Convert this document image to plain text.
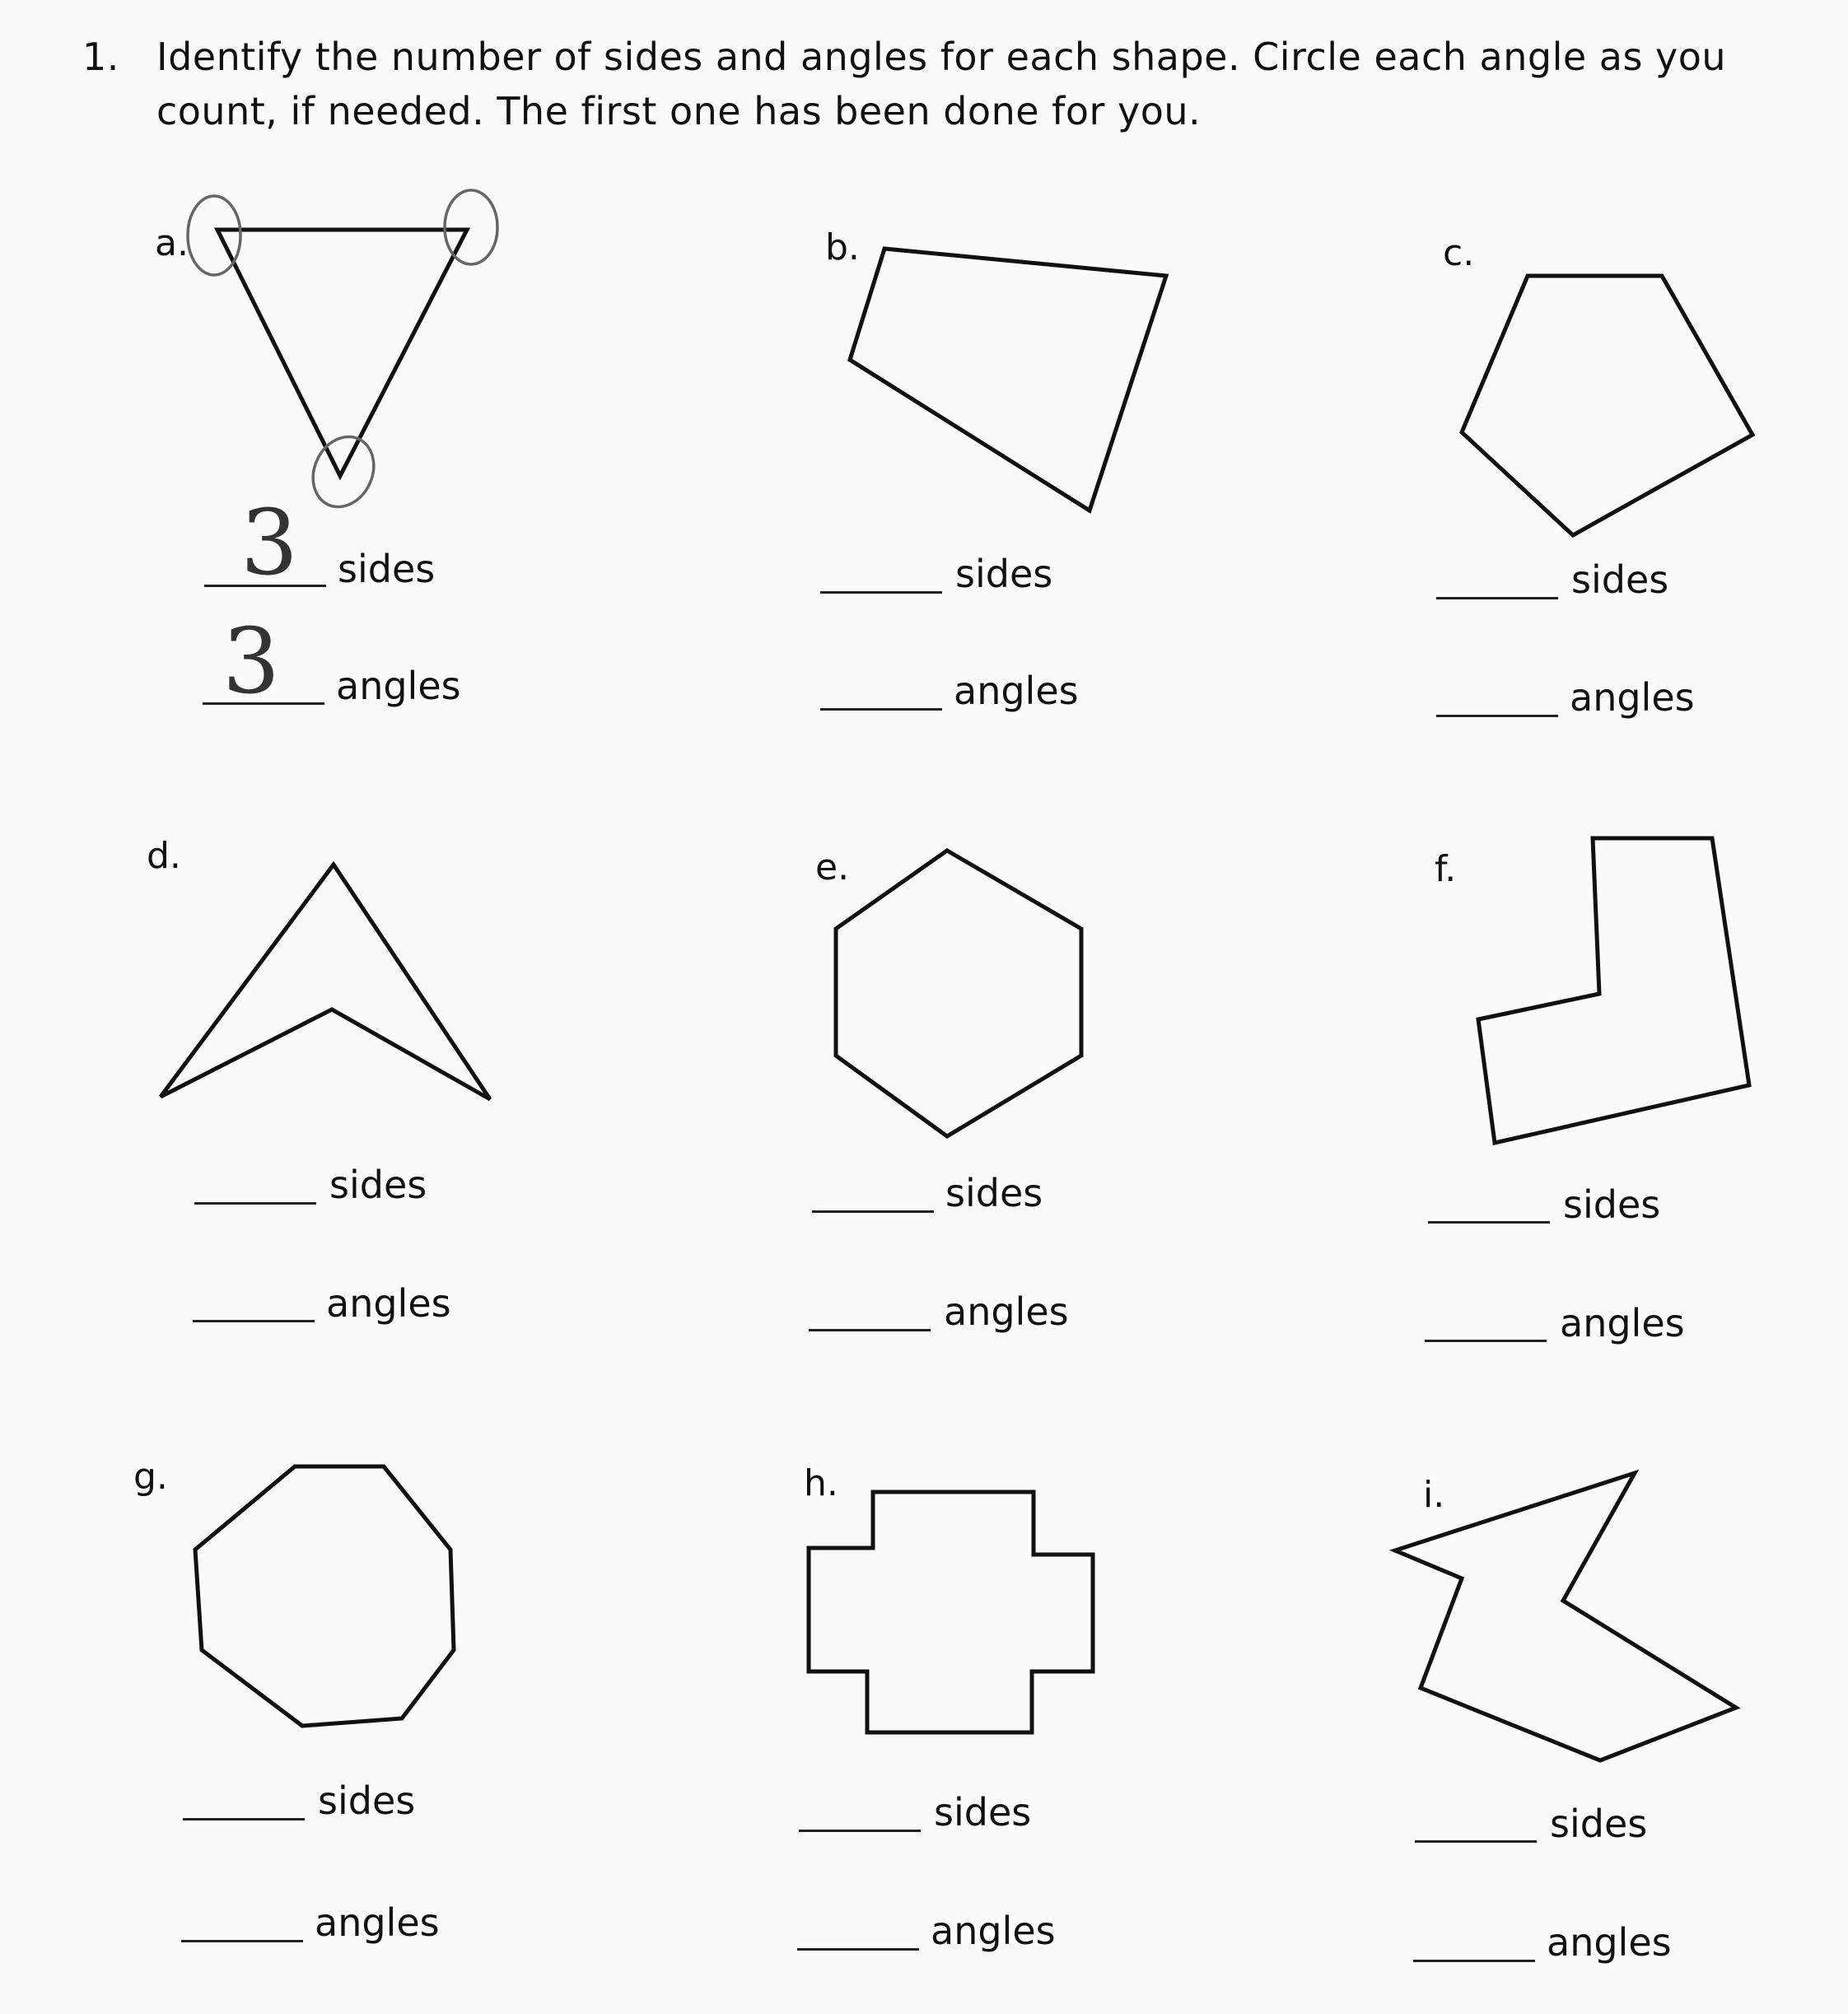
1. Identify the number of sides and angles for each shape. Circle each angle as you count, if needed. The first one has been done for you.
a.	b.	c.
3 sides
3 angles
sides
angles
sides
angles
d.	e.	f.
sides
angles
sides
angles
sides
angles
g.	h.	i.
sides
angles
sides
angles
sides
angles
